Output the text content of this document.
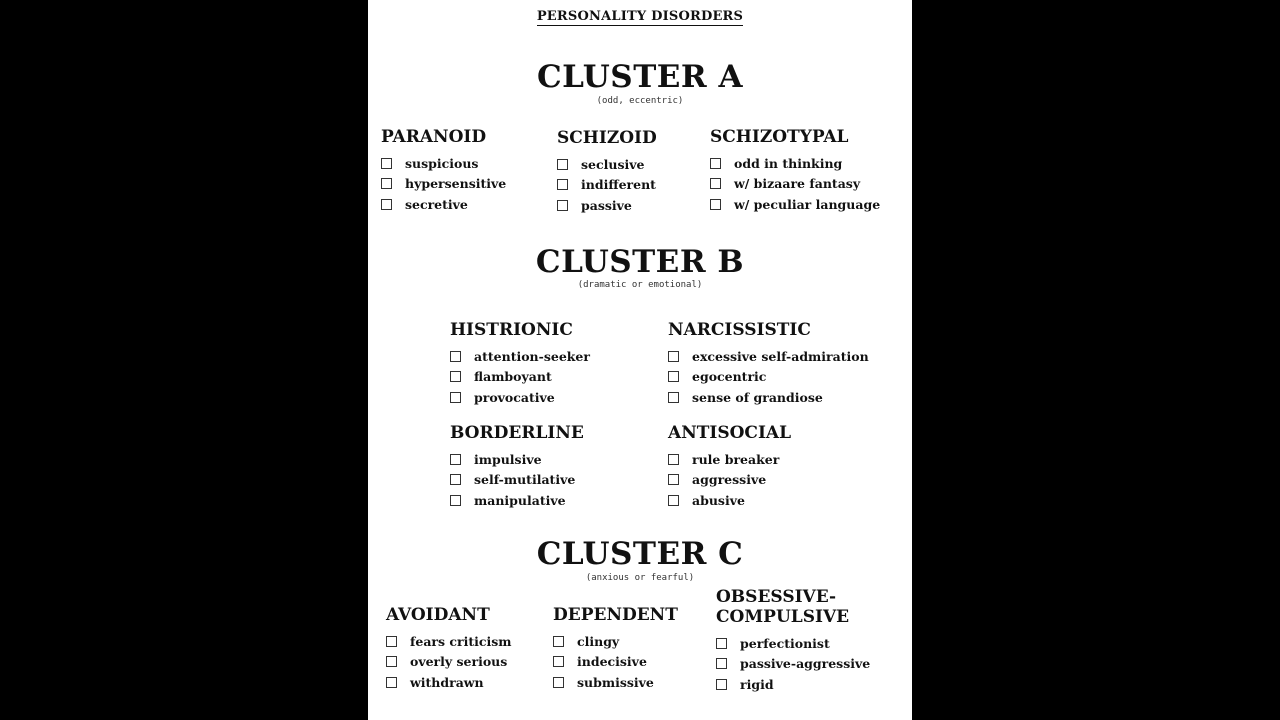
PERSONALITY DISORDERS
CLUSTER A
(odd, eccentric)
PARANOID
suspicious
hypersensitive
secretive
SCHIZOID
seclusive
indifferent
passive
SCHIZOTYPAL
odd in thinking
w/ bizaare fantasy
w/ peculiar language
CLUSTER B
(dramatic or emotional)
HISTRIONIC
attention-seeker
flamboyant
provocative
NARCISSISTIC
excessive self-admiration
egocentric
sense of grandiose
BORDERLINE
impulsive
self-mutilative
manipulative
ANTISOCIAL
rule breaker
aggressive
abusive
CLUSTER C
(anxious or fearful)
AVOIDANT
fears criticism
overly serious
withdrawn
DEPENDENT
clingy
indecisive
submissive
OBSESSIVE-
COMPULSIVE
perfectionist
passive-aggressive
rigid
